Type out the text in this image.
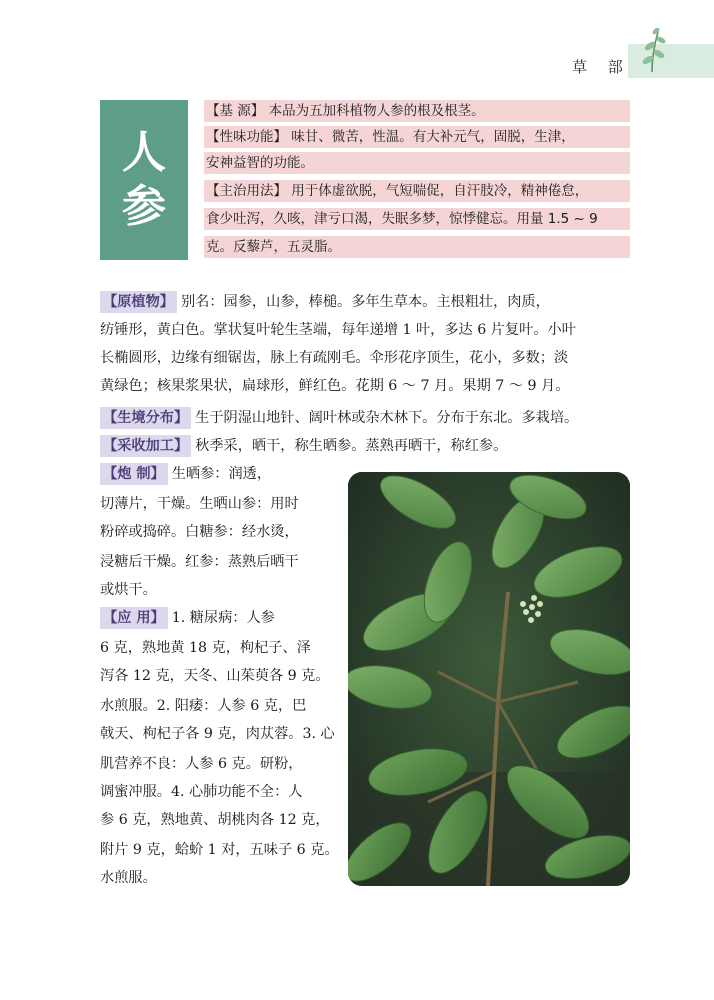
草 部
人
参
【基 源】 本品为五加科植物人参的根及根茎。
【性味功能】 味甘、微苦，性温。有大补元气，固脱，生津，
安神益智的功能。
【主治用法】 用于体虚欲脱，气短喘促，自汗肢冷，精神倦怠，
食少吐泻，久咳，津亏口渴，失眠多梦，惊悸健忘。用量 1.5 ~ 9
克。反藜芦，五灵脂。
【原植物】 别名：园参，山参，棒槌。多年生草本。主根粗壮，肉质，
纺锤形，黄白色。掌状复叶轮生茎端，每年递增 1 叶，多达 6 片复叶。小叶
长椭圆形，边缘有细锯齿，脉上有疏刚毛。伞形花序顶生，花小，多数；淡
黄绿色；核果浆果状，扁球形，鲜红色。花期 6 ～ 7 月。果期 7 ～ 9 月。
【生境分布】 生于阴湿山地针、阔叶林或杂木林下。分布于东北。多栽培。
【采收加工】 秋季采，晒干，称生晒参。蒸熟再晒干，称红参。
【炮 制】 生晒参：润透，
切薄片，干燥。生晒山参：用时
粉碎或捣碎。白糖参：经水烫，
浸糖后干燥。红参：蒸熟后晒干
或烘干。
【应 用】 1. 糖尿病：人参
6 克，熟地黄 18 克，枸杞子、泽
泻各 12 克，天冬、山茱萸各 9 克。
水煎服。2. 阳痿：人参 6 克，巴
戟天、枸杞子各 9 克，肉苁蓉。3. 心
肌营养不良：人参 6 克。研粉，
调蜜冲服。4. 心肺功能不全：人
参 6 克，熟地黄、胡桃肉各 12 克，
附片 9 克，蛤蚧 1 对，五味子 6 克。
水煎服。
